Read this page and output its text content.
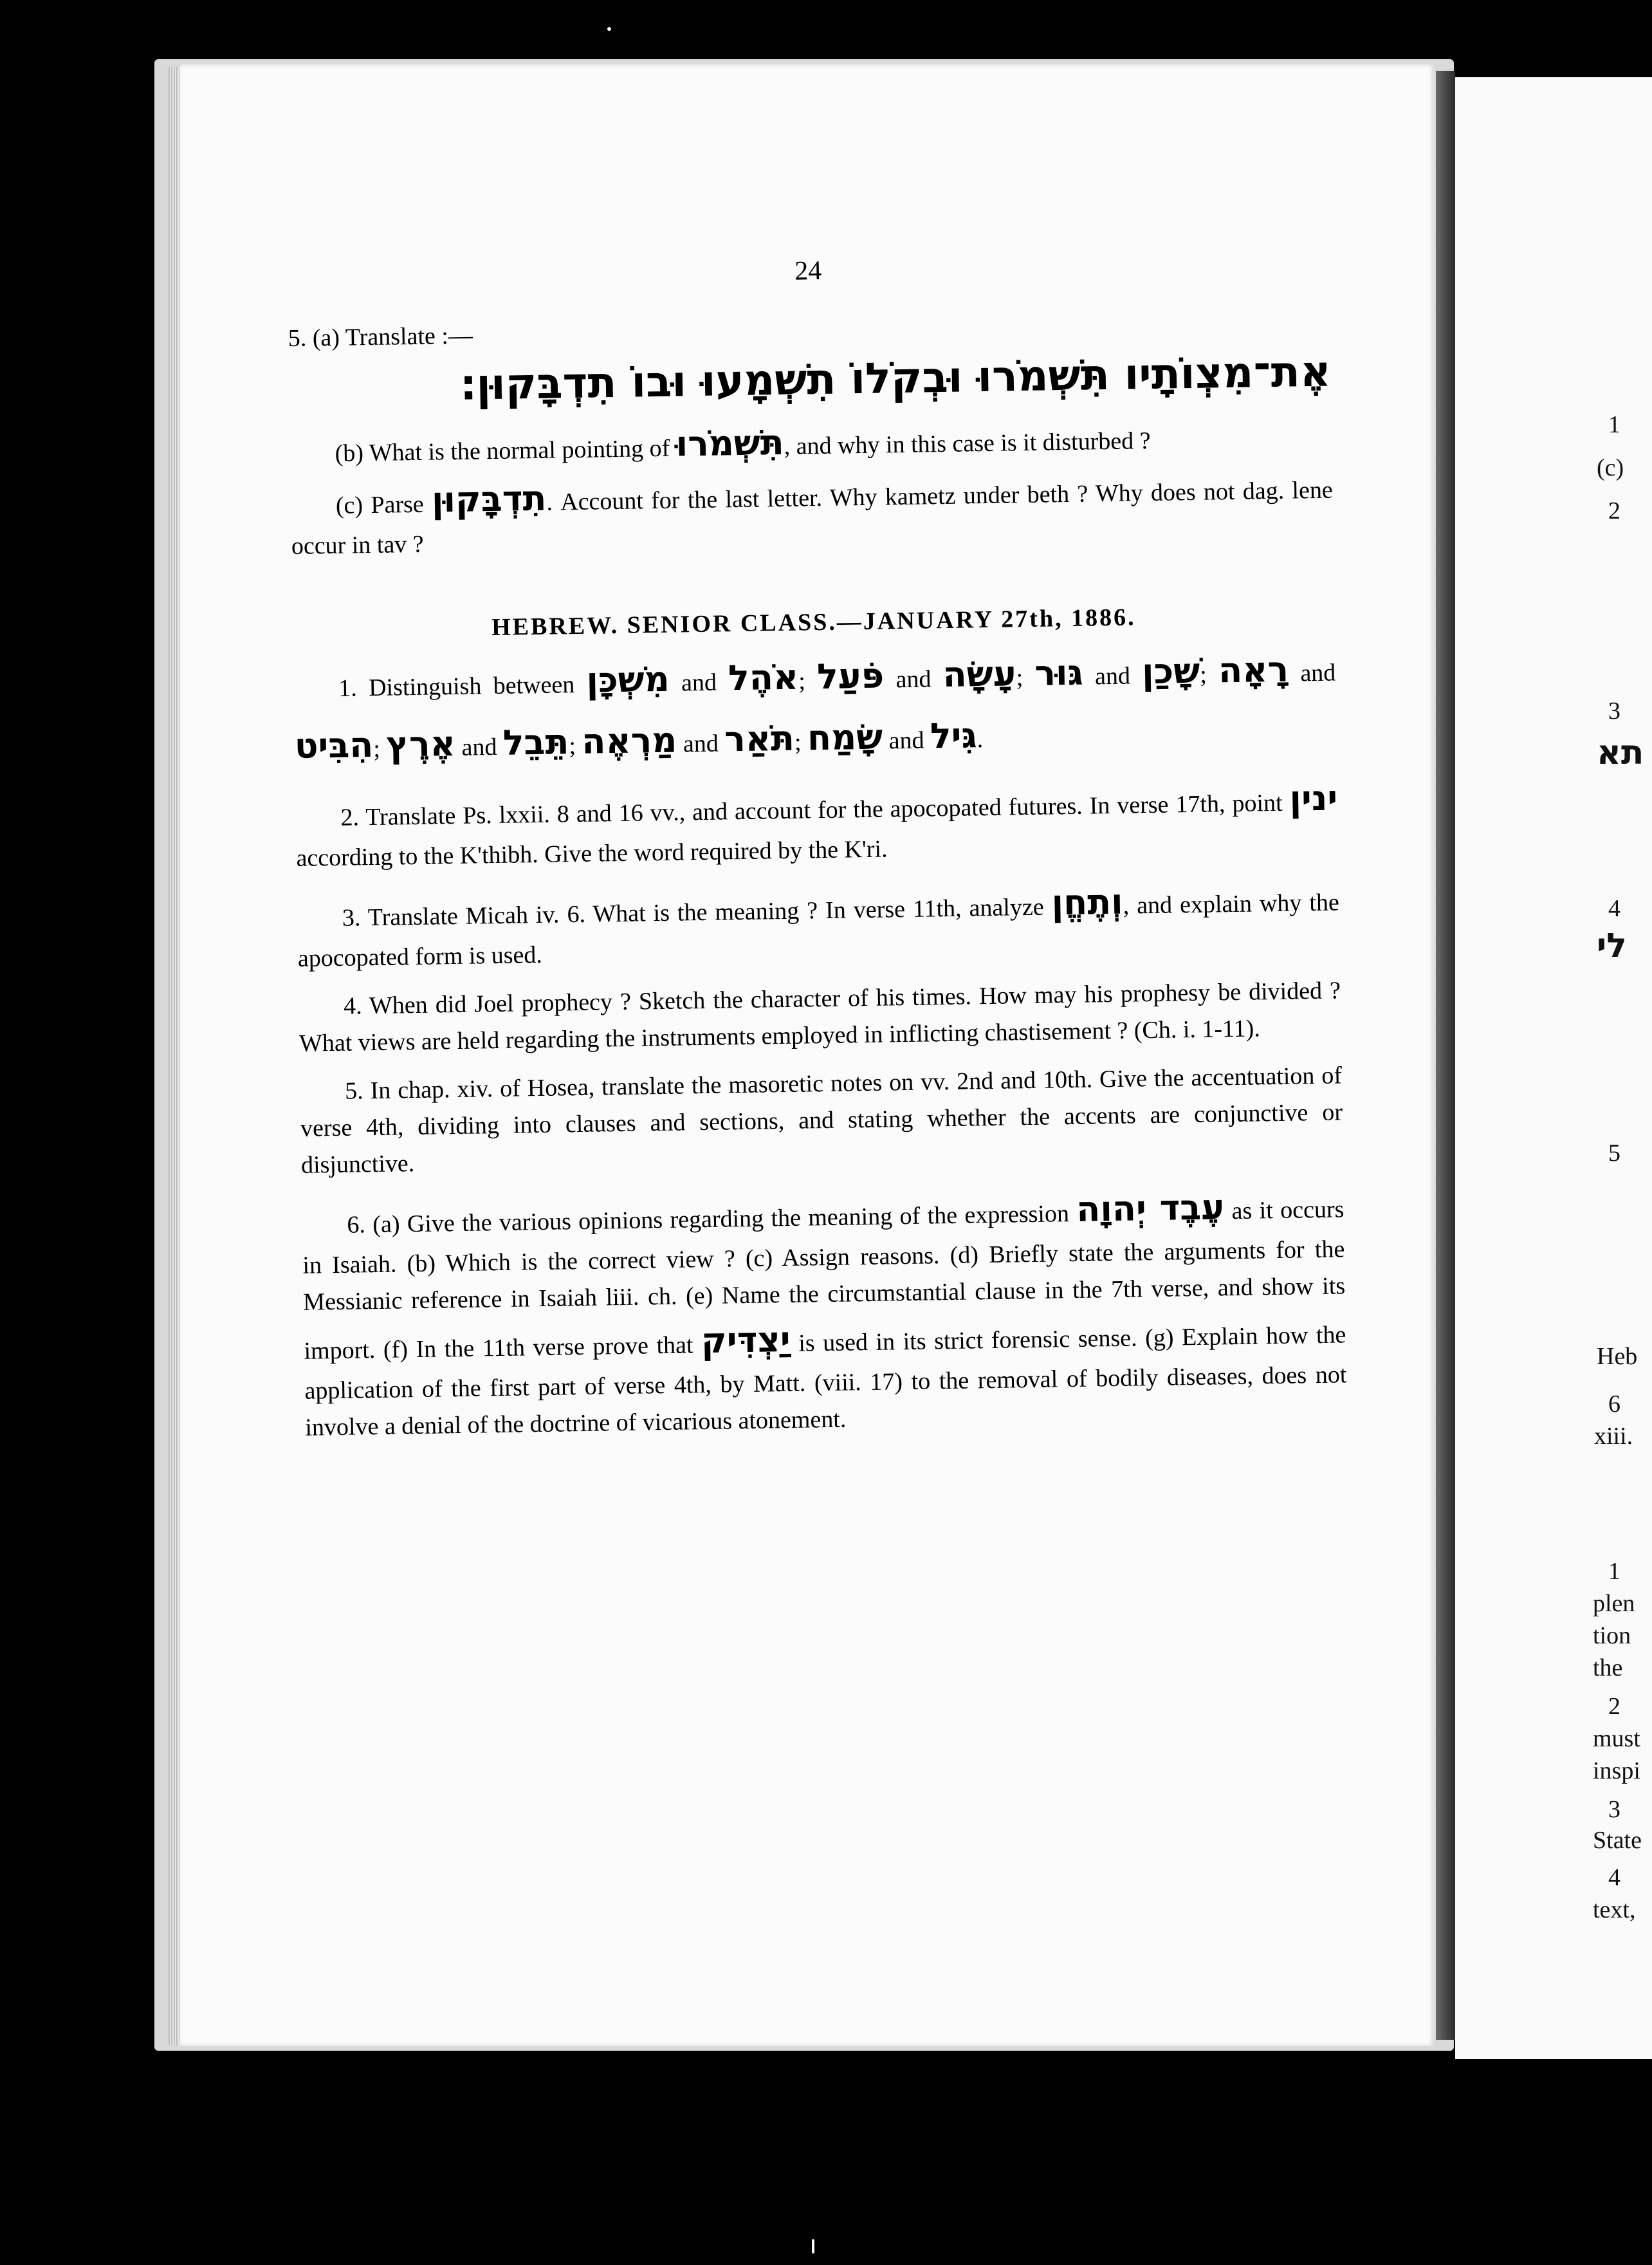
1
(c)
2
3
תא
4
לי
5
Heb
6
xiii.
1
plen
tion
the
2
must
inspi
3
State
4
text,
24

5. (a) Translate :—

אֶת־מִצְוֹתָיו תִּשְׁמֹרוּ וּבְקֹלוֹ תִשְׁמָעוּ וּבוֹ תִדְבָּקוּן׃

(b) What is the normal pointing of תִּשְׁמֹרוּ, and why in this case is it disturbed ?

(c) Parse תִדְבָּקוּן. Account for the last letter. Why kametz under beth ? Why does not dag. lene occur in tav ?

HEBREW. SENIOR CLASS.—JANUARY 27th, 1886.

1. Distinguish between מִשְׁכָּן and אֹהֶל; פֹּעַל and עָשָׂה; גּוּר and שָׁכַן; רָאָה and הִבִּיט; אֶרֶץ and תֵּבֵל; מַרְאֶה and תֹּאַר; שָׂמַח and גִּיל.

2. Translate Ps. lxxii. 8 and 16 vv., and account for the apocopated futures. In verse 17th, point ינין according to the K'thibh. Give the word required by the K'ri.

3. Translate Micah iv. 6. What is the meaning ? In verse 11th, analyze וְתֶחֱן, and explain why the apocopated form is used.

4. When did Joel prophecy ? Sketch the character of his times. How may his prophesy be divided ? What views are held regarding the instruments employed in inflicting chastisement ? (Ch. i. 1-11).

5. In chap. xiv. of Hosea, translate the masoretic notes on vv. 2nd and 10th. Give the accentuation of verse 4th, dividing into clauses and sections, and stating whether the accents are conjunctive or disjunctive.

6. (a) Give the various opinions regarding the meaning of the expression עֶבֶד יְהוָה as it occurs in Isaiah. (b) Which is the correct view ? (c) Assign reasons. (d) Briefly state the arguments for the Messianic reference in Isaiah liii. ch. (e) Name the circumstantial clause in the 7th verse, and show its import. (f) In the 11th verse prove that יַצְדִּיק is used in its strict forensic sense. (g) Explain how the application of the first part of verse 4th, by Matt. (viii. 17) to the removal of bodily diseases, does not involve a denial of the doctrine of vicarious atonement.
